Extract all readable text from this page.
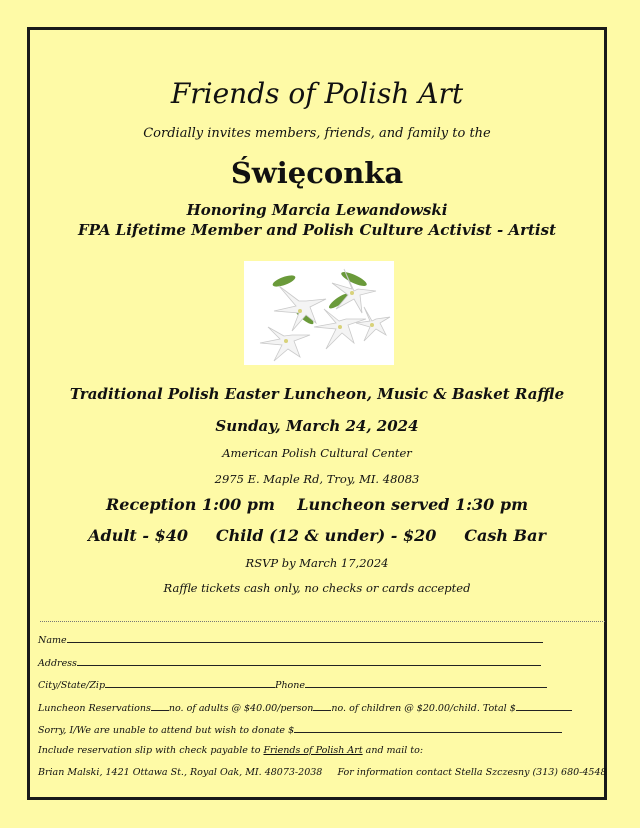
Friends of Polish Art
Cordially invites members, friends, and family to the
Święconka
Honoring Marcia Lewandowski
FPA Lifetime Member and Polish Culture Activist - Artist
Traditional Polish Easter Luncheon, Music & Basket Raffle
Sunday, March 24, 2024
American Polish Cultural Center
2975 E. Maple Rd, Troy, MI. 48083
Reception 1:00 pm Luncheon served 1:30 pm
Adult - $40 Child (12 & under) - $20 Cash Bar
RSVP by March 17,2024
Raffle tickets cash only, no checks or cards accepted
Name
Address
City/State/Zip	Phone
Luncheon Reservations no. of adults @ $40.00/person no. of children @ $20.00/child. Total $
Sorry, I/We are unable to attend but wish to donate $
Include reservation slip with check payable to Friends of Polish Art and mail to:
Brian Malski, 1421 Ottawa St., Royal Oak, MI. 48073-2038 For information contact Stella Szczesny (313) 680-4548
